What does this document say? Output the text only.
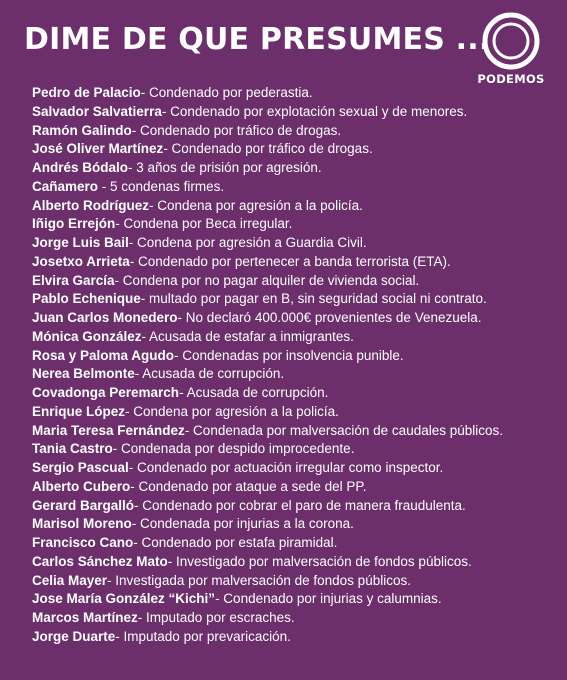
DIME DE QUE PRESUMES ...
PODEMOS
Pedro de Palacio- Condenado por pederastia.
Salvador Salvatierra- Condenado por explotación sexual y de menores.
Ramón Galindo- Condenado por tráfico de drogas.
José Oliver Martínez- Condenado por tráfico de drogas.
Andrés Bódalo- 3 años de prisión por agresión.
Cañamero - 5 condenas firmes.
Alberto Rodríguez- Condena por agresión a la policía.
Iñigo Errejón- Condena por Beca irregular.
Jorge Luis Bail- Condena por agresión a Guardia Civil.
Josetxo Arrieta- Condenado por pertenecer a banda terrorista (ETA).
Elvira García- Condena por no pagar alquiler de vivienda social.
Pablo Echenique- multado por pagar en B, sin seguridad social ni contrato.
Juan Carlos Monedero- No declaró 400.000€ provenientes de Venezuela.
Mónica González- Acusada de estafar a inmigrantes.
Rosa y Paloma Agudo- Condenadas por insolvencia punible.
Nerea Belmonte- Acusada de corrupción.
Covadonga Peremarch- Acusada de corrupción.
Enrique López- Condena por agresión a la policía.
Maria Teresa Fernández- Condenada por malversación de caudales públicos.
Tania Castro- Condenada por despido improcedente.
Sergio Pascual- Condenado por actuación irregular como inspector.
Alberto Cubero- Condenado por ataque a sede del PP.
Gerard Bargalló- Condenado por cobrar el paro de manera fraudulenta.
Marisol Moreno- Condenada por injurias a la corona.
Francisco Cano- Condenado por estafa piramidal.
Carlos Sánchez Mato- Investigado por malversación de fondos públicos.
Celia Mayer- Investigada por malversación de fondos públicos.
Jose María González “Kichi”- Condenado por injurias y calumnias.
Marcos Martínez- Imputado por escraches.
Jorge Duarte- Imputado por prevaricación.
